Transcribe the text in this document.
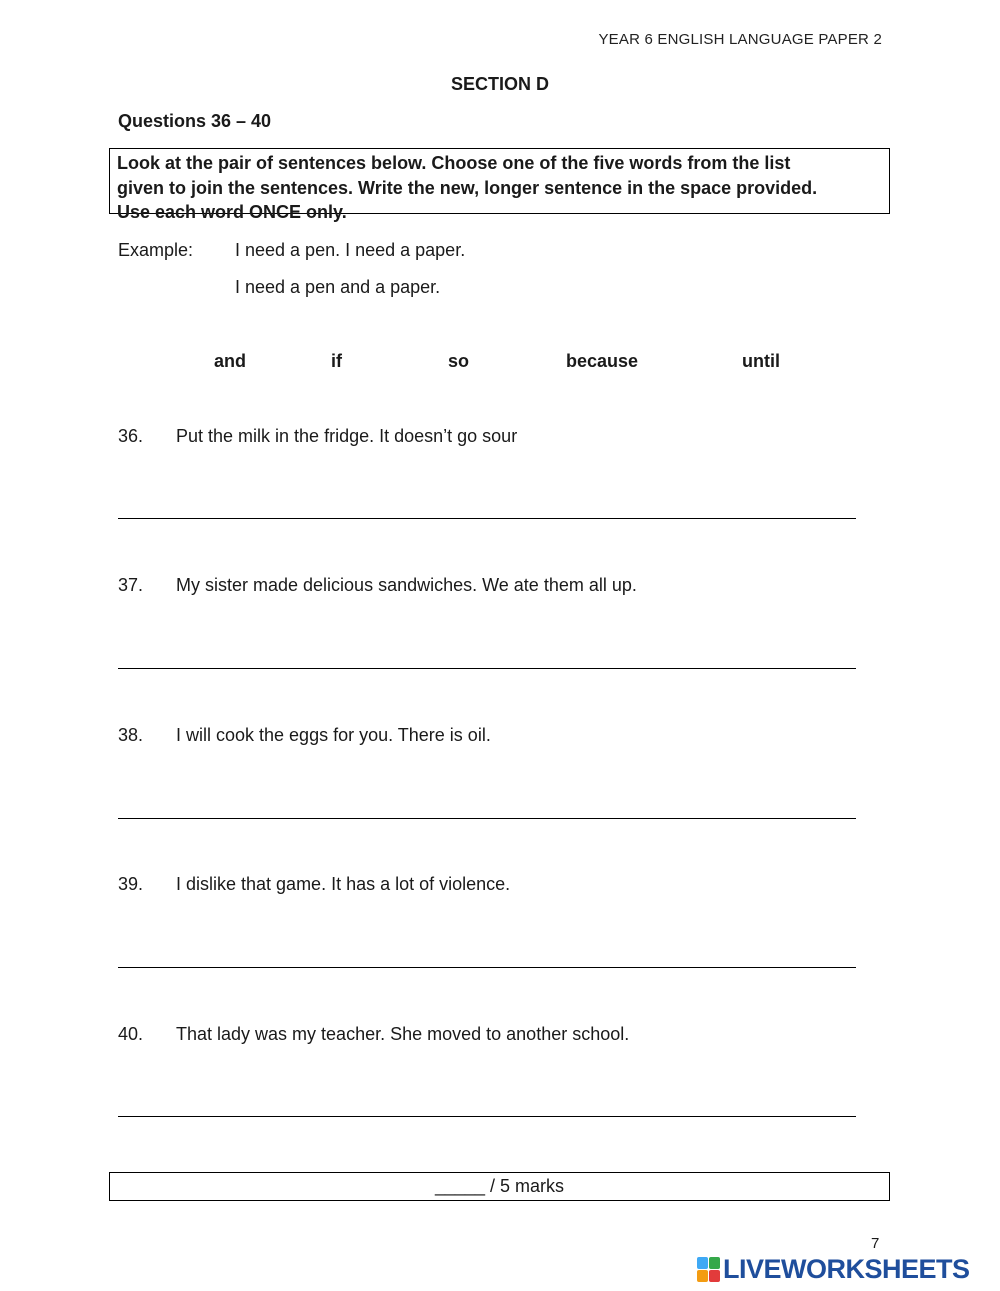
YEAR 6 ENGLISH LANGUAGE PAPER 2
SECTION D
Questions 36 – 40
Look at the pair of sentences below. Choose one of the five words from the list
given to join the sentences. Write the new, longer sentence in the space provided.
Use each word ONCE only.
Example: I need a pen. I need a paper.
I need a pen and a paper.
and	if	so	because	until
36. Put the milk in the fridge. It doesn’t go sour
37. My sister made delicious sandwiches. We ate them all up.
38. I will cook the eggs for you. There is oil.
39. I dislike that game. It has a lot of violence.
40. That lady was my teacher. She moved to another school.
_____ / 5 marks
7
LIVEWORKSHEETS
